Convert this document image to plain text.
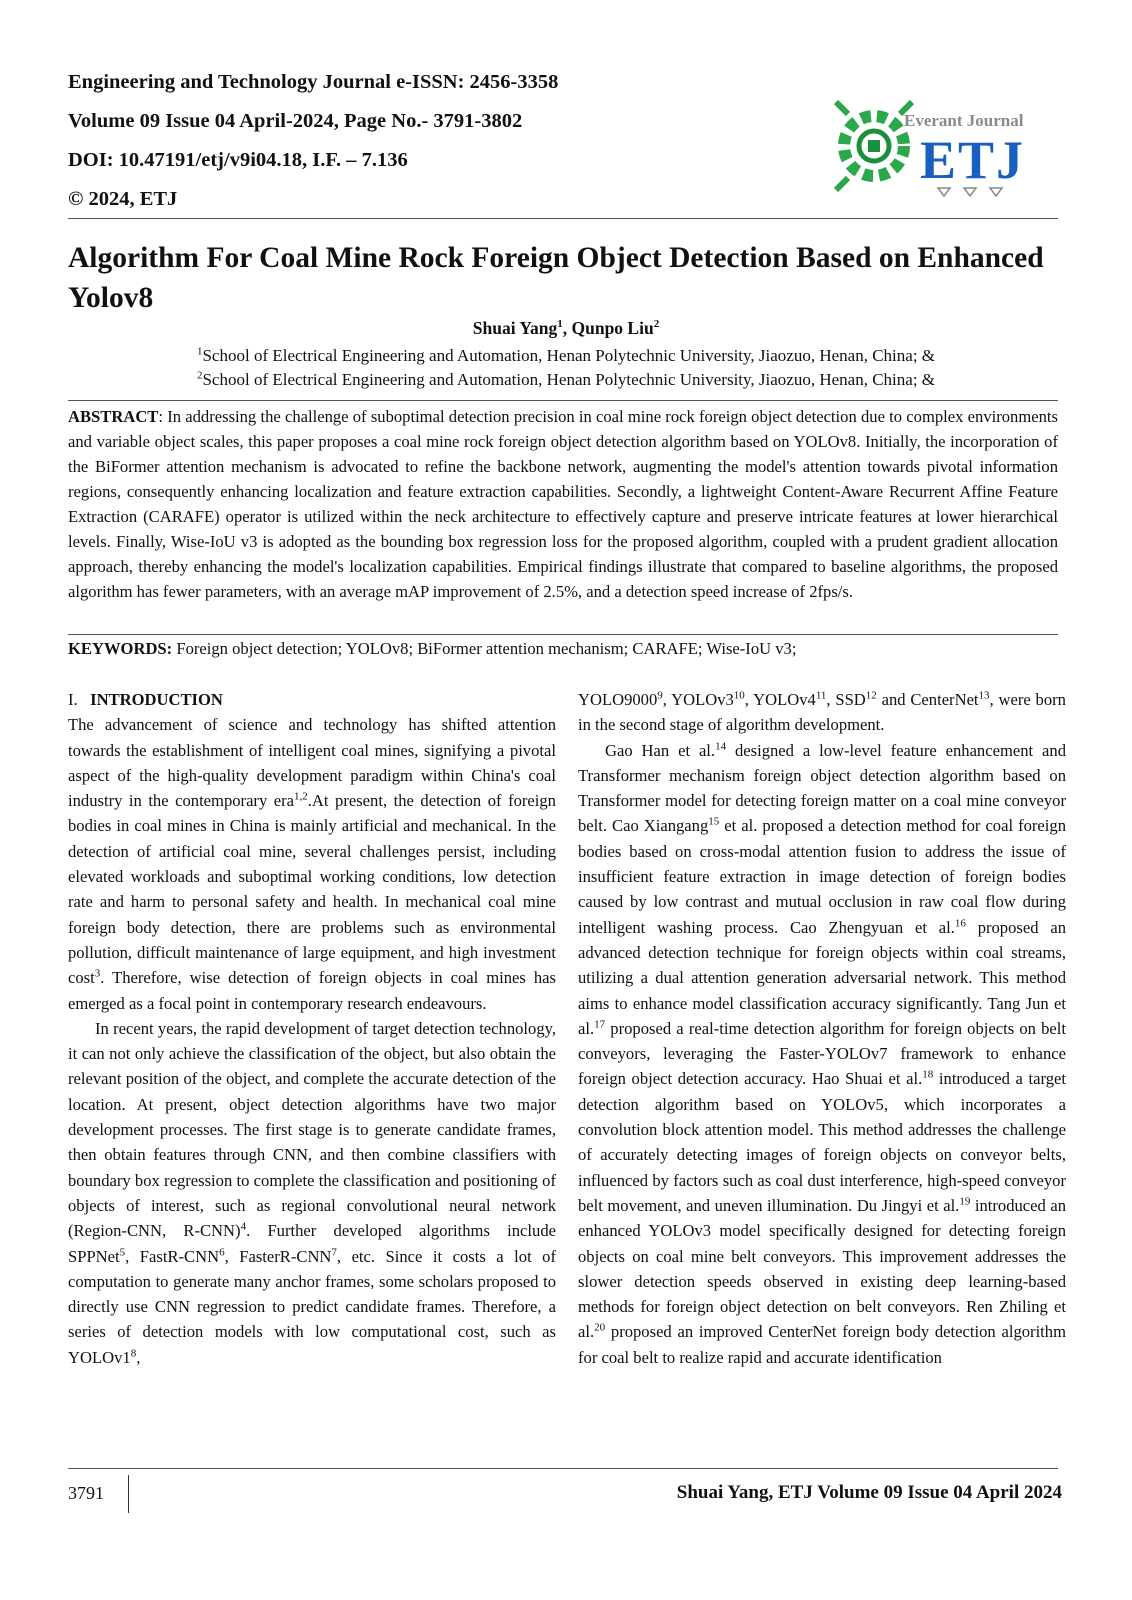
Engineering and Technology Journal e-ISSN: 2456-3358
Volume 09 Issue 04 April-2024, Page No.- 3791-3802
DOI: 10.47191/etj/v9i04.18, I.F. – 7.136
© 2024, ETJ
Everant Journal
ETJ
Algorithm For Coal Mine Rock Foreign Object Detection Based on Enhanced Yolov8
Shuai Yang$^1$, Qunpo Liu$^2$
$^1$School of Electrical Engineering and Automation, Henan Polytechnic University, Jiaozuo, Henan, China; &
$^2$School of Electrical Engineering and Automation, Henan Polytechnic University, Jiaozuo, Henan, China; &

ABSTRACT: In addressing the challenge of suboptimal detection precision in coal mine rock foreign object detection due to complex environments and variable object scales, this paper proposes a coal mine rock foreign object detection algorithm based on YOLOv8. Initially, the incorporation of the BiFormer attention mechanism is advocated to refine the backbone network, augmenting the model's attention towards pivotal information regions, consequently enhancing localization and feature extraction capabilities. Secondly, a lightweight Content-Aware Recurrent Affine Feature Extraction (CARAFE) operator is utilized within the neck architecture to effectively capture and preserve intricate features at lower hierarchical levels. Finally, Wise-IoU v3 is adopted as the bounding box regression loss for the proposed algorithm, coupled with a prudent gradient allocation approach, thereby enhancing the model's localization capabilities. Empirical findings illustrate that compared to baseline algorithms, the proposed algorithm has fewer parameters, with an average mAP improvement of 2.5%, and a detection speed increase of 2fps/s.

KEYWORDS: Foreign object detection; YOLOv8; BiFormer attention mechanism; CARAFE; Wise-IoU v3;

I. INTRODUCTION

The advancement of science and technology has shifted attention towards the establishment of intelligent coal mines, signifying a pivotal aspect of the high-quality development paradigm within China's coal industry in the contemporary era$^{1,2}$.At present, the detection of foreign bodies in coal mines in China is mainly artificial and mechanical. In the detection of artificial coal mine, several challenges persist, including elevated workloads and suboptimal working conditions, low detection rate and harm to personal safety and health. In mechanical coal mine foreign body detection, there are problems such as environmental pollution, difficult maintenance of large equipment, and high investment cost$^3$. Therefore, wise detection of foreign objects in coal mines has emerged as a focal point in contemporary research endeavours.

In recent years, the rapid development of target detection technology, it can not only achieve the classification of the object, but also obtain the relevant position of the object, and complete the accurate detection of the location. At present, object detection algorithms have two major development processes. The first stage is to generate candidate frames, then obtain features through CNN, and then combine classifiers with boundary box regression to complete the classification and positioning of objects of interest, such as regional convolutional neural network (Region-CNN, R-CNN)$^4$. Further developed algorithms include SPPNet$^5$, FastR-CNN$^6$, FasterR-CNN$^7$, etc. Since it costs a lot of computation to generate many anchor frames, some scholars proposed to directly use CNN regression to predict candidate frames. Therefore, a series of detection models with low computational cost, such as $YOLOv1^8$,

YOLO9000$^9$, $YOLOv3^{10}$, $YOLOv4^{11}$, SSD$^{12}$ and CenterNet$^{13}$, were born in the second stage of algorithm development.

Gao Han et al.$^{14}$ designed a low-level feature enhancement and Transformer mechanism foreign object detection algorithm based on Transformer model for detecting foreign matter on a coal mine conveyor belt. Cao Xiangang$^{15}$ et al. proposed a detection method for coal foreign bodies based on cross-modal attention fusion to address the issue of insufficient feature extraction in image detection of foreign bodies caused by low contrast and mutual occlusion in raw coal flow during intelligent washing process. Cao Zhengyuan et al.$^{16}$ proposed an advanced detection technique for foreign objects within coal streams, utilizing a dual attention generation adversarial network. This method aims to enhance model classification accuracy significantly. Tang Jun et al.$^{17}$ proposed a real-time detection algorithm for foreign objects on belt conveyors, leveraging the Faster-YOLOv7 framework to enhance foreign object detection accuracy. Hao Shuai et al.$^{18}$ introduced a target detection algorithm based on YOLOv5, which incorporates a convolution block attention model. This method addresses the challenge of accurately detecting images of foreign objects on conveyor belts, influenced by factors such as coal dust interference, high-speed conveyor belt movement, and uneven illumination. Du Jingyi et al.$^{19}$ introduced an enhanced YOLOv3 model specifically designed for detecting foreign objects on coal mine belt conveyors. This improvement addresses the slower detection speeds observed in existing deep learning-based methods for foreign object detection on belt conveyors. Ren Zhiling et al.$^{20}$ proposed an improved CenterNet foreign body detection algorithm for coal belt to realize rapid and accurate identification

3791	Shuai Yang, ETJ Volume 09 Issue 04 April 2024
